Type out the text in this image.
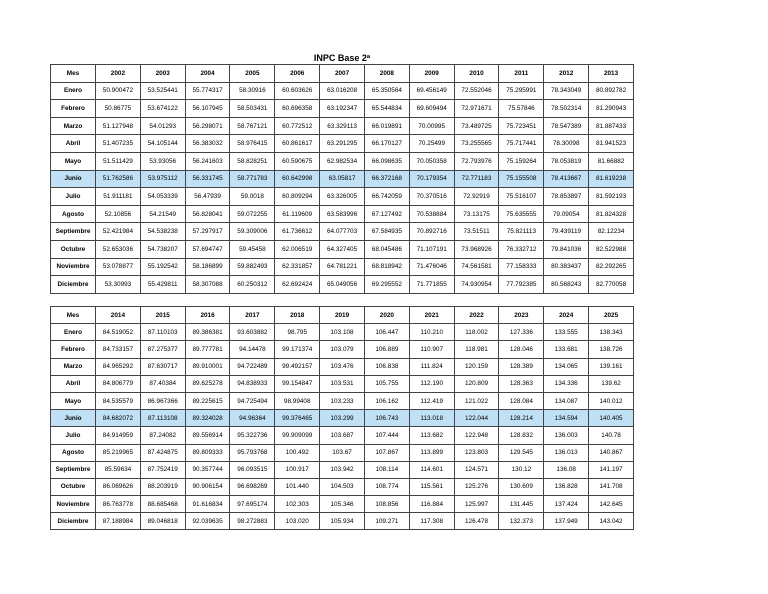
INPC Base 2ª
Mes	2002	2003	2004	2005	2006	2007	2008	2009	2010	2011	2012	2013
Enero	50.900472	53.525441	55.774317	58.30916	60.603626	63.016208	65.350564	69.456149	72.552046	75.295991	78.343049	80.892782
Febrero	50.86775	53.674122	56.107945	58.503431	60.696358	63.192347	65.544834	69.609494	72.971671	75.57846	78.502314	81.290943
Marzo	51.127948	54.01293	56.298071	58.767121	60.772512	63.329113	66.019891	70.00995	73.489725	75.723451	78.547389	81.887433
Abril	51.407235	54.105144	56.383032	58.976415	60.861617	63.291295	66.170127	70.25499	73.255565	75.717441	78.30098	81.941523
Mayo	51.511429	53.93056	56.241603	58.828251	60.590675	62.982534	66.098635	70.050358	72.793976	75.159264	78.053819	81.66882
Junio	51.762586	53.975112	56.331745	58.771783	60.642998	63.05817	66.372168	70.179354	72.771183	75.155508	78.413667	81.619238
Julio	51.911181	54.053339	56.47939	59.0018	60.809294	63.326005	66.742059	70.370516	72.92919	75.516107	78.853897	81.592193
Agosto	52.10856	54.21549	56.828041	59.072255	61.119609	63.583996	67.127492	70.538884	73.13175	75.635555	79.09054	81.824328
Septiembre	52.421984	54.538238	57.297917	59.309006	61.736612	64.077703	67.584935	70.892716	73.51511	75.821113	79.439119	82.12234
Octubre	52.653036	54.738207	57.694747	59.45458	62.006519	64.327405	68.045486	71.107191	73.968926	76.332712	79.841036	82.522988
Noviembre	53.078877	55.192542	58.186899	59.882493	62.331857	64.781221	68.818942	71.476046	74.561581	77.158333	80.383437	82.292265
Diciembre	53.30993	55.429811	58.307088	60.250312	62.692424	65.049056	69.295552	71.771855	74.930954	77.792385	80.568243	82.770058
Mes	2014	2015	2016	2017	2018	2019	2020	2021	2022	2023	2024	2025
Enero	84.519052	87.110103	89.386381	93.603882	98.795	103.108	106.447	110.210	118.002	127.336	133.555	138.343
Febrero	84.733157	87.275377	89.777781	94.14478	99.171374	103.079	106.889	110.907	118.981	128.046	133.681	138.726
Marzo	84.965292	87.630717	89.910001	94.722489	99.492157	103.476	106.838	111.824	120.159	128.389	134.065	139.161
Abril	84.806779	87.40384	89.625278	94.838933	99.154847	103.531	105.755	112.190	120.809	128.363	134.336	139.62
Mayo	84.535579	86.967366	89.225615	94.725494	98.99408	103.233	106.162	112.419	121.022	128.084	134.087	140.012
Junio	84.682072	87.113108	89.324028	94.96364	99.376465	103.299	106.743	113.018	122.044	128.214	134.594	140.405
Julio	84.914959	87.24082	89.556914	95.322736	99.909099	103.687	107.444	113.682	122.948	128.832	136.003	140.78
Agosto	85.219965	87.424875	89.809333	95.793768	100.492	103.67	107.867	113.899	123.803	129.545	136.013	140.867
Septiembre	85.59634	87.752419	90.357744	96.093515	100.917	103.942	108.114	114.601	124.571	130.12	136.08	141.197
Octubre	86.069626	88.203919	90.906154	96.698269	101.440	104.503	108.774	115.561	125.276	130.609	136.828	141.708
Noviembre	86.763778	88.685468	91.616834	97.695174	102.303	105.346	108.856	116.884	125.997	131.445	137.424	142.645
Diciembre	87.188984	89.046818	92.039635	98.272883	103.020	105.934	109.271	117.308	126.478	132.373	137.949	143.042
